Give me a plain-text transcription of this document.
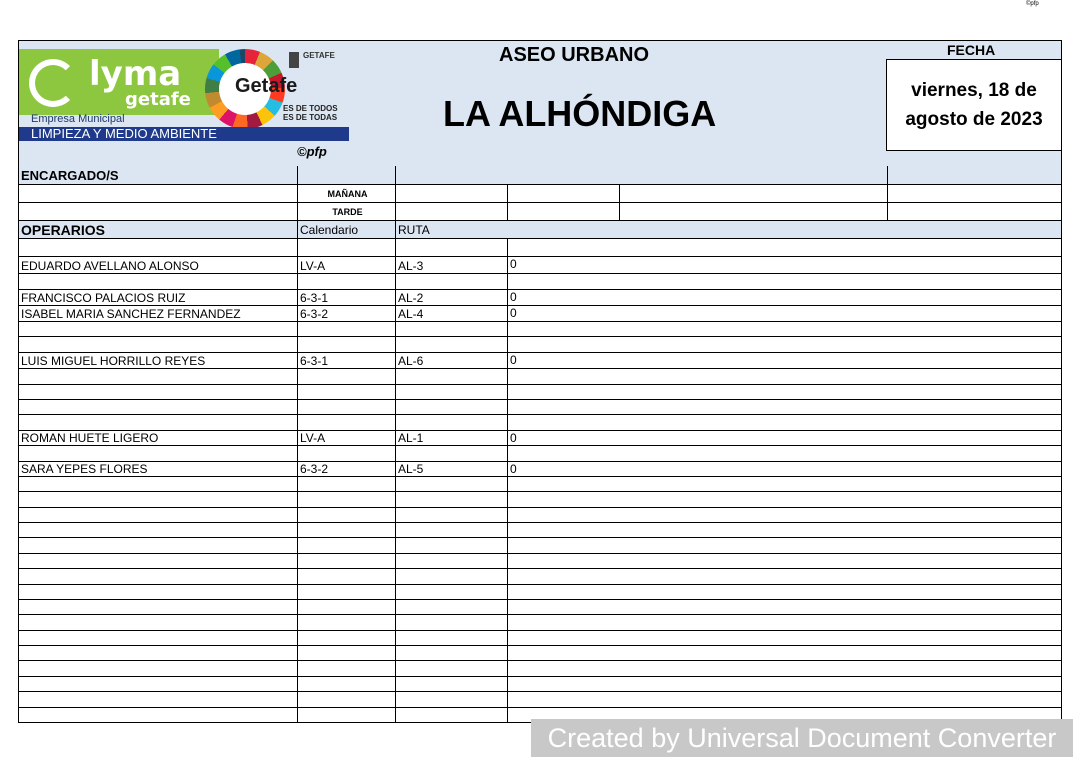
©pfp
lyma
getafe
Getafe
GETAFE
ES DE TODOS
ES DE TODAS
Empresa Municipal
LIMPIEZA Y MEDIO AMBIENTE
©pfp
ASEO URBANO
LA ALHÓNDIGA
FECHA
viernes, 18 de agosto de 2023
ENCARGADO/S
MAÑANA
TARDE
OPERARIOS	Calendario	RUTA
EDUARDO AVELLANO ALONSO	LV-A	AL-3	0
FRANCISCO PALACIOS RUIZ	6-3-1	AL-2	0
ISABEL MARIA SANCHEZ FERNANDEZ	6-3-2	AL-4	0
LUIS MIGUEL HORRILLO REYES	6-3-1	AL-6	0
ROMAN HUETE LIGERO	LV-A	AL-1	0
SARA YEPES FLORES	6-3-2	AL-5	0
Created by Universal Document Converter
